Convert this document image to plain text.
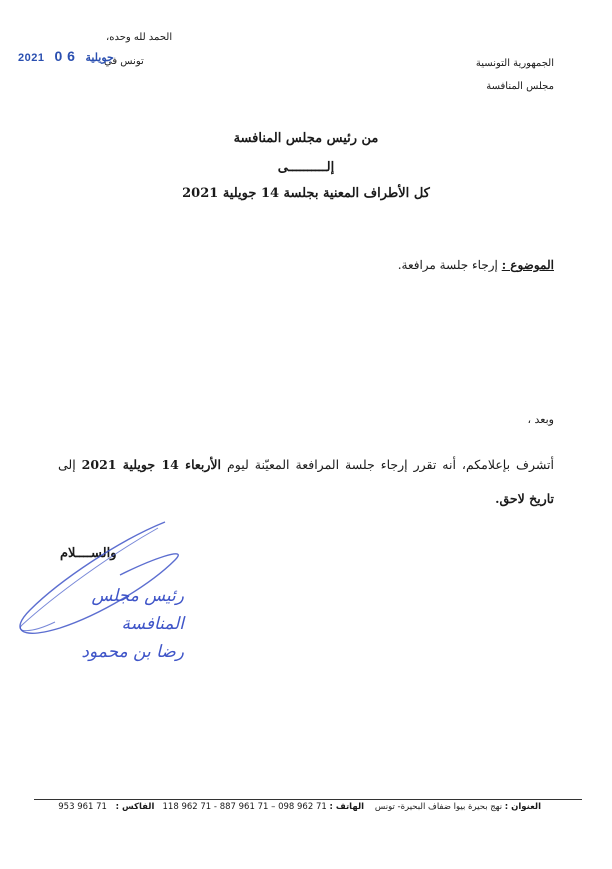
الحمد لله وحده،
تونس في
2021 0 6 جويلية	الجمهورية التونسية
مجلس المنافسة
من رئيس مجلس المنافسة
إلــــــــــى
كل الأطراف المعنية بجلسة 14 جويلية 2021
الموضوع : إرجاء جلسة مرافعة.
وبعد ،
أتشرف بإعلامكم، أنه تقرر إرجاء جلسة المرافعة المعيّنة ليوم الأربعاء 14 جويلية 2021 إلى تاريخ لاحق.
والســــلام
رئيس مجلس المنافسة
رضا بن محمود
العنوان : نهج بحيرة بيوا ضفاف البحيرة- تونس    الهاتف : 71 962 098 – 71 961 887 - 71 962 118   الفاكس : 71 961 953
